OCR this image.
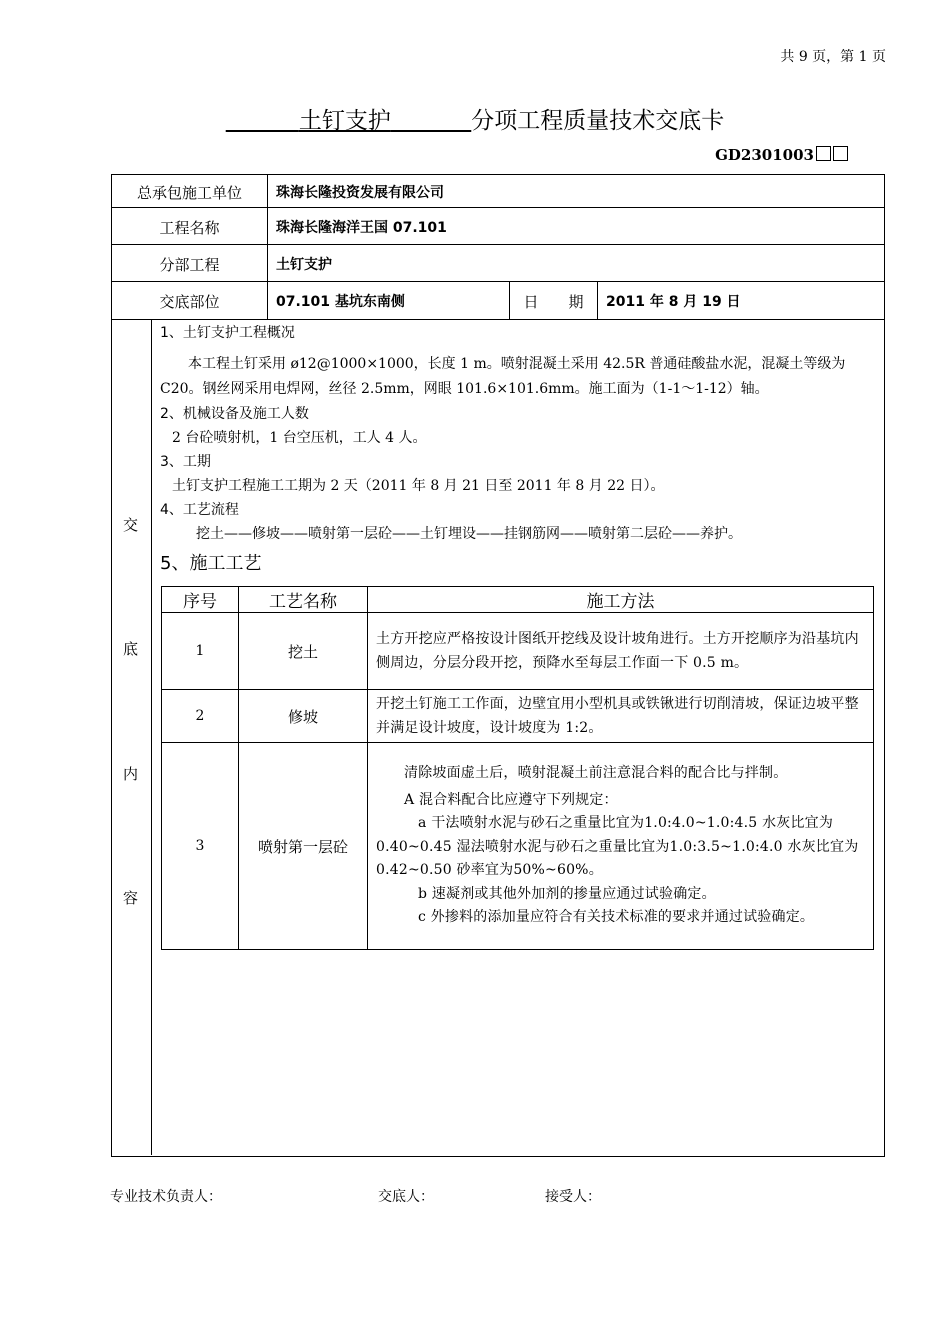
共 9 页，第 1 页
土钉支护	分项工程质量技术交底卡
GD2301003
总承包施工单位	珠海长隆投资发展有限公司
工程名称	珠海长隆海洋王国 07.101
分部工程	土钉支护
交底部位	07.101 基坑东南侧	日　　期	2011 年 8 月 19 日
交
底
内
容

1、土钉支护工程概况

本工程土钉采用 ø12@1000×1000，长度 1 m。喷射混凝土采用 42.5R 普通硅酸盐水泥，混凝土等级为 C20。钢丝网采用电焊网，丝径 2.5mm，网眼 101.6×101.6mm。施工面为（1-1～1-12）轴。

2、机械设备及施工人数

2 台砼喷射机，1 台空压机，工人 4 人。

3、工期

土钉支护工程施工工期为 2 天（2011 年 8 月 21 日至 2011 年 8 月 22 日）。

4、工艺流程

挖土——修坡——喷射第一层砼——土钉埋设——挂钢筋网——喷射第二层砼——养护。

5、施工工艺

序号	工艺名称	施工方法
1	挖土	土方开挖应严格按设计图纸开挖线及设计坡角进行。土方开挖顺序为沿基坑内侧周边，分层分段开挖，预降水至每层工作面一下 0.5 m。
2	修坡	开挖土钉施工工作面，边壁宜用小型机具或铁锹进行切削清坡，保证边坡平整并满足设计坡度，设计坡度为 1:2。
3	喷射第一层砼	清除坡面虚土后，喷射混凝土前注意混合料的配合比与拌制。
A 混合料配合比应遵守下列规定：
a 干法喷射水泥与砂石之重量比宜为1.0:4.0~1.0:4.5 水灰比宜为0.40~0.45 湿法喷射水泥与砂石之重量比宜为1.0:3.5~1.0:4.0 水灰比宜为0.42~0.50 砂率宜为50%~60%。
b 速凝剂或其他外加剂的掺量应通过试验确定。
c 外掺料的添加量应符合有关技术标准的要求并通过试验确定。
专业技术负责人：	交底人：	接受人：
